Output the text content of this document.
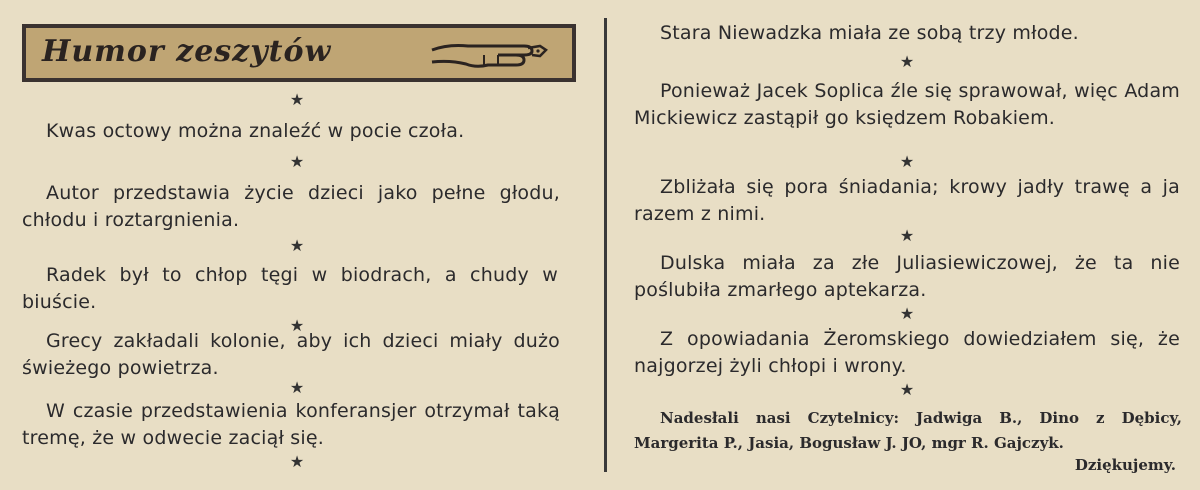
Humor zeszytów
★
Kwas octowy można znaleźć w pocie czoła.
★
Autor przedstawia życie dzieci jako pełne głodu, chłodu i roztargnienia.
★
Radek był to chłop tęgi w biodrach, a chudy w biuście.
★
Grecy zakładali kolonie, aby ich dzieci miały dużo świeżego powietrza.
★
W czasie przedstawienia konferansjer otrzymał taką tremę, że w odwecie zaciął się.
★
Stara Niewadzka miała ze sobą trzy młode.
★
Ponieważ Jacek Soplica źle się sprawował, więc Adam Mickiewicz zastąpił go księdzem Robakiem.
★
Zbliżała się pora śniadania; krowy jadły trawę a ja razem z nimi.
★
Dulska miała za złe Juliasiewiczowej, że ta nie poślubiła zmarłego aptekarza.
★
Z opowiadania Żeromskiego dowiedziałem się, że najgorzej żyli chłopi i wrony.
★
Nadesłali nasi Czytelnicy: Jadwiga B., Dino z Dębicy, Margerita P., Jasia, Bogusław J. JO, mgr R. Gajczyk.
Dziękujemy.
